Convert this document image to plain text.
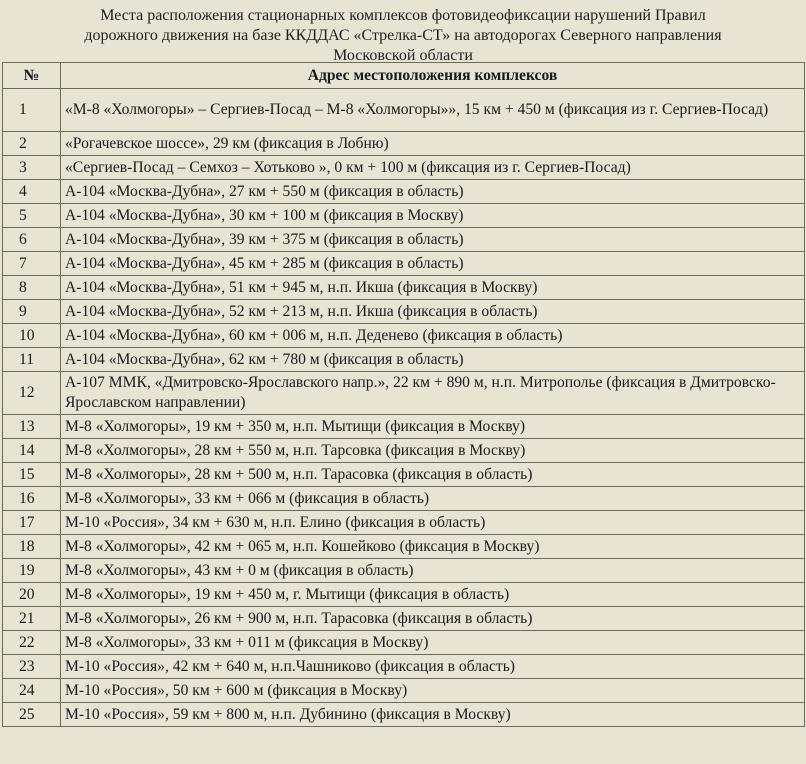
Места расположения стационарных комплексов фотовидеофиксации нарушений Правил
дорожного движения на базе ККДДАС «Стрелка-СТ» на автодорогах Северного направления
Московской области
№	Адрес местоположения комплексов
1	«М-8 «Холмогоры» – Сергиев-Посад – М-8 «Холмогоры»», 15 км + 450 м (фиксация из г. Сергиев-Посад)
2	«Рогачевское шоссе», 29 км (фиксация в Лобню)
3	«Сергиев-Посад – Семхоз – Хотьково », 0 км + 100 м (фиксация из г. Сергиев-Посад)
4	А-104 «Москва-Дубна», 27 км + 550 м (фиксация в область)
5	А-104 «Москва-Дубна», 30 км + 100 м (фиксация в Москву)
6	А-104 «Москва-Дубна», 39 км + 375 м (фиксация в область)
7	А-104 «Москва-Дубна», 45 км + 285 м (фиксация в область)
8	А-104 «Москва-Дубна», 51 км + 945 м, н.п. Икша (фиксация в Москву)
9	А-104 «Москва-Дубна», 52 км + 213 м, н.п. Икша (фиксация в область)
10	А-104 «Москва-Дубна», 60 км + 006 м, н.п. Деденево (фиксация в область)
11	А-104 «Москва-Дубна», 62 км + 780 м (фиксация в область)
12	А-107 ММК, «Дмитровско-Ярославского напр.», 22 км + 890 м, н.п. Митрополье (фиксация в Дмитровско-Ярославском направлении)
13	М-8 «Холмогоры», 19 км + 350 м, н.п. Мытищи (фиксация в Москву)
14	М-8 «Холмогоры», 28 км + 550 м, н.п. Тарсовка (фиксация в Москву)
15	М-8 «Холмогоры», 28 км + 500 м, н.п. Тарасовка (фиксация в область)
16	М-8 «Холмогоры», 33 км + 066 м (фиксация в область)
17	М-10 «Россия», 34 км + 630 м, н.п. Елино (фиксация в область)
18	М-8 «Холмогоры», 42 км + 065 м, н.п. Кошейково (фиксация в Москву)
19	М-8 «Холмогоры», 43 км + 0 м (фиксация в область)
20	М-8 «Холмогоры», 19 км + 450 м, г. Мытищи (фиксация в область)
21	М-8 «Холмогоры», 26 км + 900 м, н.п. Тарасовка (фиксация в область)
22	М-8 «Холмогоры», 33 км + 011 м (фиксация в Москву)
23	М-10 «Россия», 42 км + 640 м, н.п.Чашниково (фиксация в область)
24	М-10 «Россия», 50 км + 600 м (фиксация в Москву)
25	М-10 «Россия», 59 км + 800 м, н.п. Дубинино (фиксация в Москву)
